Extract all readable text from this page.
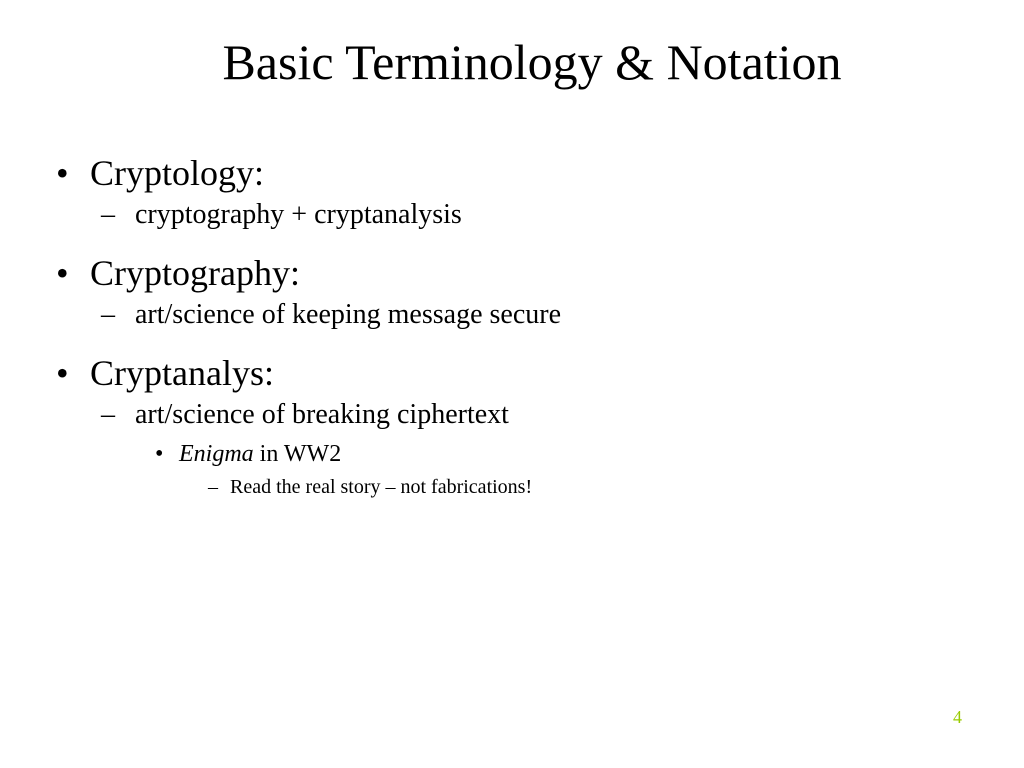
Basic Terminology & Notation
• Cryptology:
– cryptography + cryptanalysis
• Cryptography:
– art/science of keeping message secure
• Cryptanalys:
– art/science of breaking ciphertext
• Enigma in WW2
– Read the real story – not fabrications!
4
